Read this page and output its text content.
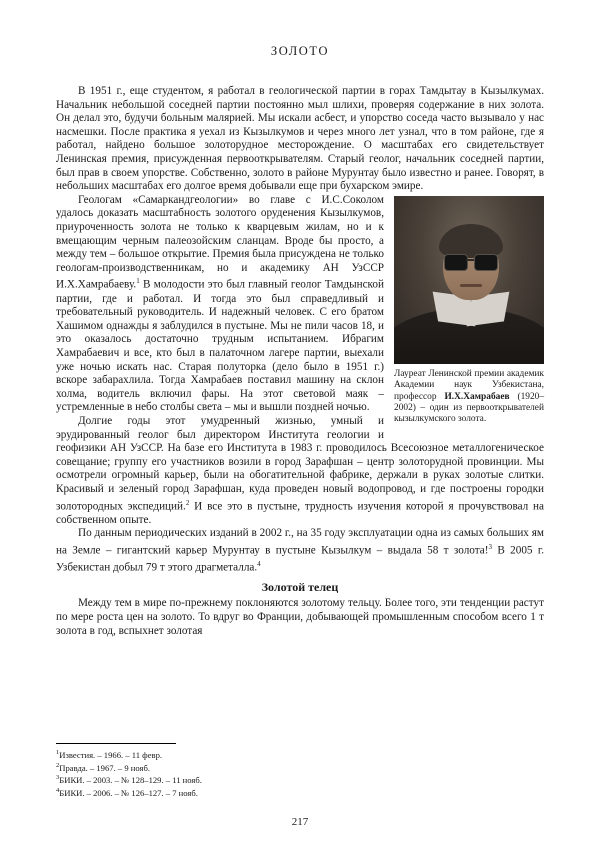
ЗОЛОТО

В 1951 г., еще студентом, я работал в геологической партии в горах Тамдытау в Кызылкумах. Начальник небольшой соседней партии постоянно мыл шлихи, проверяя содержание в них золота. Он делал это, будучи больным малярией. Мы искали асбест, и упорство соседа часто вызывало у нас насмешки. После практика я уехал из Кызылкумов и через много лет узнал, что в том районе, где я работал, найдено большое золоторудное месторождение. О масштабах его свидетельствует Ленинская премия, присужденная первооткрывателям. Старый геолог, начальник соседней партии, был прав в своем упорстве. Собственно, золото в районе Мурунтау было известно и ранее. Говорят, в небольших масштабах его долгое время добывали еще при бухарском эмире.

Лауреат Ленинской премии академик Академии наук Узбекистана, профессор И.Х.Хамрабаев (1920–2002) – один из первооткрывателей кызылкумского золота.

Геологам «Самаркандгеологии» во главе с И.С.Соколом удалось доказать масштабность золотого оруденения Кызылкумов, приуроченность золота не только к кварцевым жилам, но и к вмещающим черным палеозойским сланцам. Вроде бы просто, а между тем – большое открытие. Премия была присуждена не только геологам-производственникам, но и академику АН УзССР И.Х.Хамрабаеву.$^1$ В молодости это был главный геолог Тамдынской партии, где и работал. И тогда это был справедливый и требовательный руководитель. И надежный человек. С его братом Хашимом однажды я заблудился в пустыне. Мы не пили часов 18, и это оказалось достаточно трудным испытанием. Ибрагим Хамрабаевич и все, кто был в палаточном лагере партии, выехали уже ночью искать нас. Старая полуторка (дело было в 1951 г.) вскоре забарахлила. Тогда Хамрабаев поставил машину на склон холма, водитель включил фары. На этот световой маяк – устремленные в небо столбы света – мы и вышли поздней ночью.

Долгие годы этот умудренный жизнью, умный и эрудированный геолог был директором Института геологии и геофизики АН УзССР. На базе его Института в 1983 г. проводилось Всесоюзное металлогеническое совещание; группу его участников возили в город Зарафшан – центр золоторудной провинции. Мы осмотрели огромный карьер, были на обогатительной фабрике, держали в руках золотые слитки. Красивый и зеленый город Зарафшан, куда проведен новый водопровод, и где построены городки золотородных экспедиций.$^2$ И все это в пустыне, трудность изучения которой я прочувствовал на собственном опыте.

По данным периодических изданий в 2002 г., на 35 году эксплуатации одна из самых больших ям на Земле – гигантский карьер Мурунтау в пустыне Кызылкум – выдала 58 т золота!$^3$ В 2005 г. Узбекистан добыл 79 т этого драгметалла.$^4$

Золотой телец

Между тем в мире по-прежнему поклоняются золотому тельцу. Более того, эти тенденции растут по мере роста цен на золото. То вдруг во Франции, добывающей промышленным способом всего 1 т золота в год, вспыхнет золотая

$^1$Известия. – 1966. – 11 февр.
$^2$Правда. – 1967. – 9 нояб.
$^3$БИКИ. – 2003. – № 128–129. – 11 нояб.
$^4$БИКИ. – 2006. – № 126–127. – 7 нояб.
217
